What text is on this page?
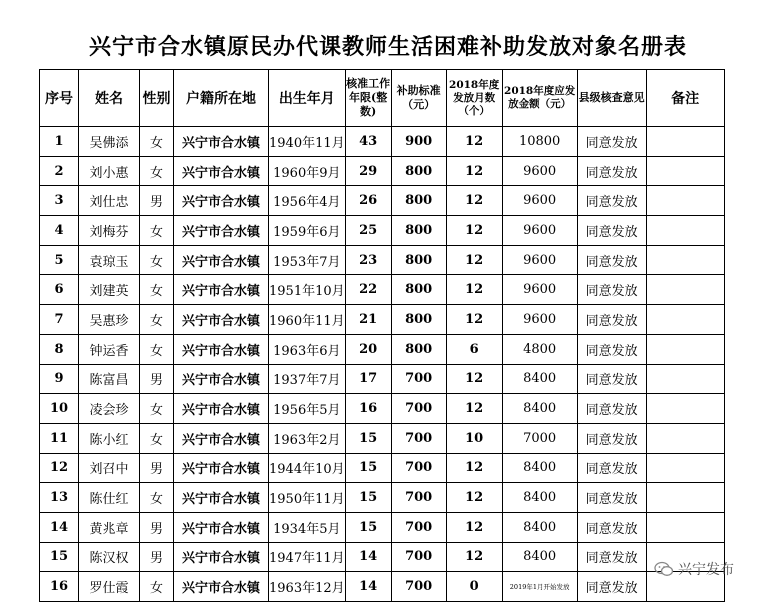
兴宁市合水镇原民办代课教师生活困难补助发放对象名册表
序号	姓名	性别	户籍所在地	出生年月	核准工作年限(整数)	补助标准（元）	2018年度发放月数（个）	2018年度应发放金额（元）	县级核查意见	备注
1	吴佛添	女	兴宁市合水镇	1940年11月	43	900	12	10800	同意发放	
2	刘小惠	女	兴宁市合水镇	1960年9月	29	800	12	9600	同意发放	
3	刘仕忠	男	兴宁市合水镇	1956年4月	26	800	12	9600	同意发放	
4	刘梅芬	女	兴宁市合水镇	1959年6月	25	800	12	9600	同意发放	
5	袁琼玉	女	兴宁市合水镇	1953年7月	23	800	12	9600	同意发放	
6	刘建英	女	兴宁市合水镇	1951年10月	22	800	12	9600	同意发放	
7	吴惠珍	女	兴宁市合水镇	1960年11月	21	800	12	9600	同意发放	
8	钟运香	女	兴宁市合水镇	1963年6月	20	800	6	4800	同意发放	
9	陈富昌	男	兴宁市合水镇	1937年7月	17	700	12	8400	同意发放	
10	凌会珍	女	兴宁市合水镇	1956年5月	16	700	12	8400	同意发放	
11	陈小红	女	兴宁市合水镇	1963年2月	15	700	10	7000	同意发放	
12	刘召中	男	兴宁市合水镇	1944年10月	15	700	12	8400	同意发放	
13	陈仕红	女	兴宁市合水镇	1950年11月	15	700	12	8400	同意发放	
14	黄兆章	男	兴宁市合水镇	1934年5月	15	700	12	8400	同意发放	
15	陈汉权	男	兴宁市合水镇	1947年11月	14	700	12	8400	同意发放	
16	罗仕霞	女	兴宁市合水镇	1963年12月	14	700	0	2019年1月开始发放	同意发放	
兴宁发布
